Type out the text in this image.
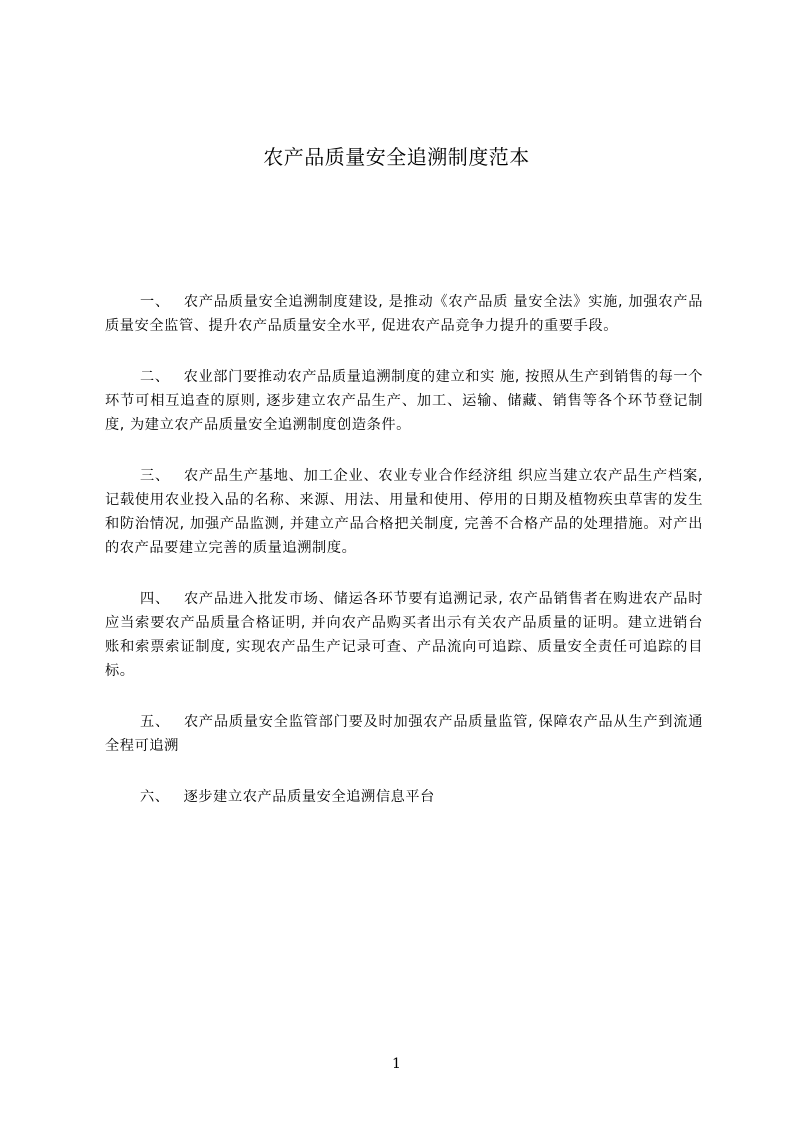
农产品质量安全追溯制度范本

一、 农产品质量安全追溯制度建设, 是推动《农产品质 量安全法》实施, 加强农产品质量安全监管、提升农产品质量安全水平, 促进农产品竞争力提升的重要手段。

二、 农业部门要推动农产品质量追溯制度的建立和实 施, 按照从生产到销售的每一个环节可相互追查的原则, 逐步建立农产品生产、加工、运输、储藏、销售等各个环节登记制度, 为建立农产品质量安全追溯制度创造条件。

三、 农产品生产基地、加工企业、农业专业合作经济组 织应当建立农产品生产档案, 记载使用农业投入品的名称、来源、用法、用量和使用、停用的日期及植物疾虫草害的发生和防治情况, 加强产品监测, 并建立产品合格把关制度, 完善不合格产品的处理措施。对产出的农产品要建立完善的质量追溯制度。

四、 农产品进入批发市场、储运各环节要有追溯记录, 农产品销售者在购进农产品时应当索要农产品质量合格证明, 并向农产品购买者出示有关农产品质量的证明。建立进销台账和索票索证制度, 实现农产品生产记录可查、产品流向可追踪、质量安全责任可追踪的目标。

五、 农产品质量安全监管部门要及时加强农产品质量监管, 保障农产品从生产到流通全程可追溯

六、 逐步建立农产品质量安全追溯信息平台

1
